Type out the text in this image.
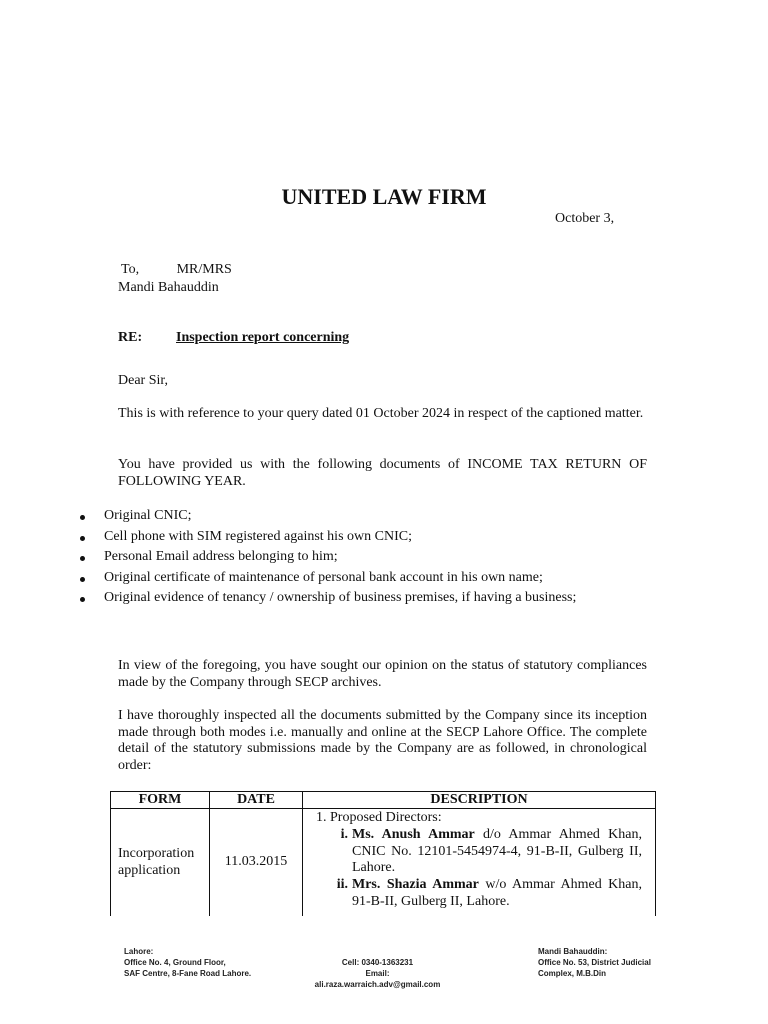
UNITED LAW FIRM
October 3,
To,	MR/MRS
Mandi Bahauddin
RE: Inspection report concerning
Dear Sir,
This is with reference to your query dated 01 October 2024 in respect of the captioned matter.
You have provided us with the following documents of INCOME TAX RETURN OF FOLLOWING YEAR.
Original CNIC;
Cell phone with SIM registered against his own CNIC;
Personal Email address belonging to him;
Original certificate of maintenance of personal bank account in his own name;
Original evidence of tenancy / ownership of business premises, if having a business;
In view of the foregoing, you have sought our opinion on the status of statutory compliances made by the Company through SECP archives.
I have thoroughly inspected all the documents submitted by the Company since its inception made through both modes i.e. manually and online at the SECP Lahore Office. The complete detail of the statutory submissions made by the Company are as followed, in chronological order:
FORM	DATE	DESCRIPTION
Incorporation application	11.03.2015	1. Proposed Directors:
i. Ms. Anush Ammar d/o Ammar Ahmed Khan, CNIC No. 12101-5454974-4, 91-B-II, Gulberg II, Lahore.
ii. Mrs. Shazia Ammar w/o Ammar Ahmed Khan, 91-B-II, Gulberg II, Lahore.
Lahore:
Office No. 4, Ground Floor,
SAF Centre, 8-Fane Road Lahore.
Cell: 0340-1363231
Email: ali.raza.warraich.adv@gmail.com
Mandi Bahauddin:
Office No. 53, District Judicial
Complex, M.B.Din
